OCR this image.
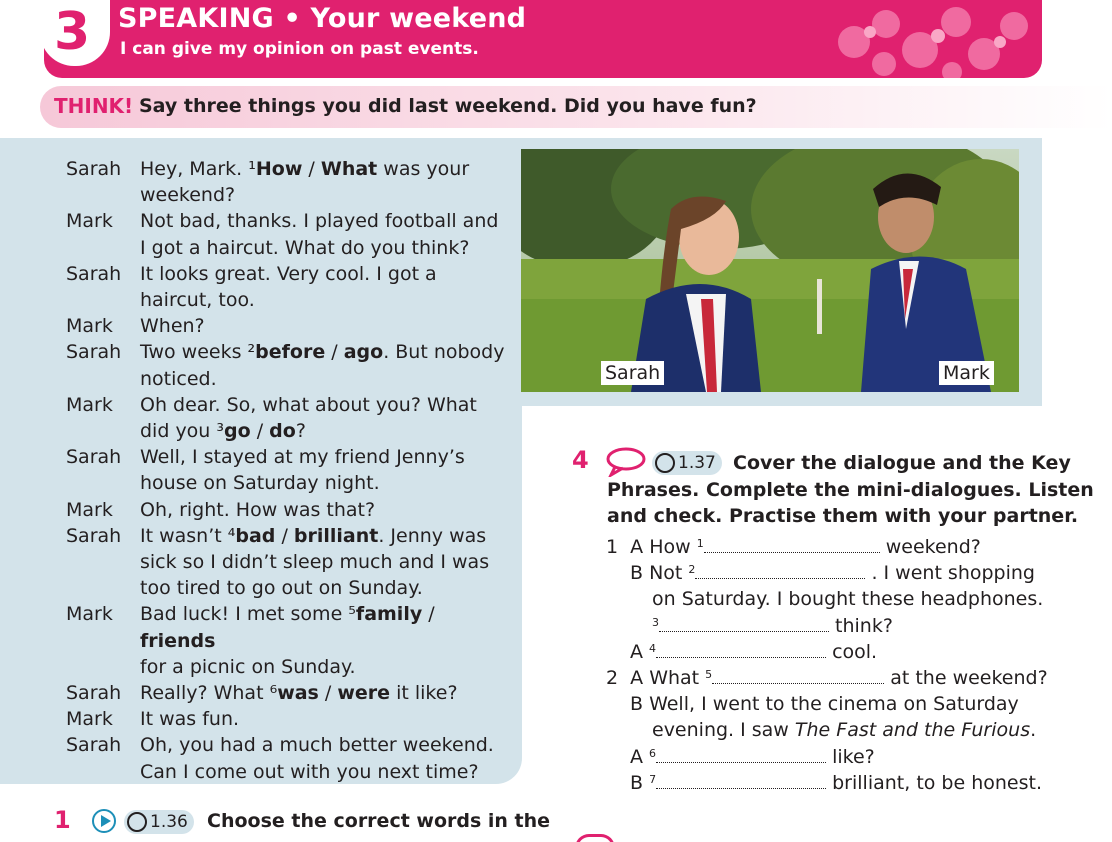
3 SPEAKING • Your weekend
I can give my opinion on past events.
THINK! Say three things you did last weekend. Did you have fun?
Sarah Hey, Mark. ¹How / What was your
weekend?
Mark	Not bad, thanks. I played football and
I got a haircut. What do you think?
Sarah It looks great. Very cool. I got a
haircut, too.
Mark	When?
Sarah Two weeks ²before / ago. But nobody
noticed.
Mark	Oh dear. So, what about you? What
did you ³go / do?
Sarah Well, I stayed at my friend Jenny’s
house on Saturday night.
Mark	Oh, right. How was that?
Sarah It wasn’t ⁴bad / brilliant. Jenny was
sick so I didn’t sleep much and I was
too tired to go out on Sunday.
Mark	Bad luck! I met some ⁵family / friends
for a picnic on Sunday.
Sarah Really? What ⁶was / were it like?
Mark	It was fun.
Sarah Oh, you had a much better weekend.
Can I come out with you next time?
Sarah	Mark
4	1.37 Cover the dialogue and the Key
Phrases. Complete the mini-dialogues. Listen
and check. Practise them with your partner.
1  A How $^1$	weekend?
B Not $^2$	. I went shopping
on Saturday. I bought these headphones.
$^3$	think?
A $^4$	cool.
2  A What $^5$	at the weekend?
B Well, I went to the cinema on Saturday
evening. I saw The Fast and the Furious.
A $^6$	like?
B $^7$	brilliant, to be honest.
1	1.36	Choose the correct words in the
